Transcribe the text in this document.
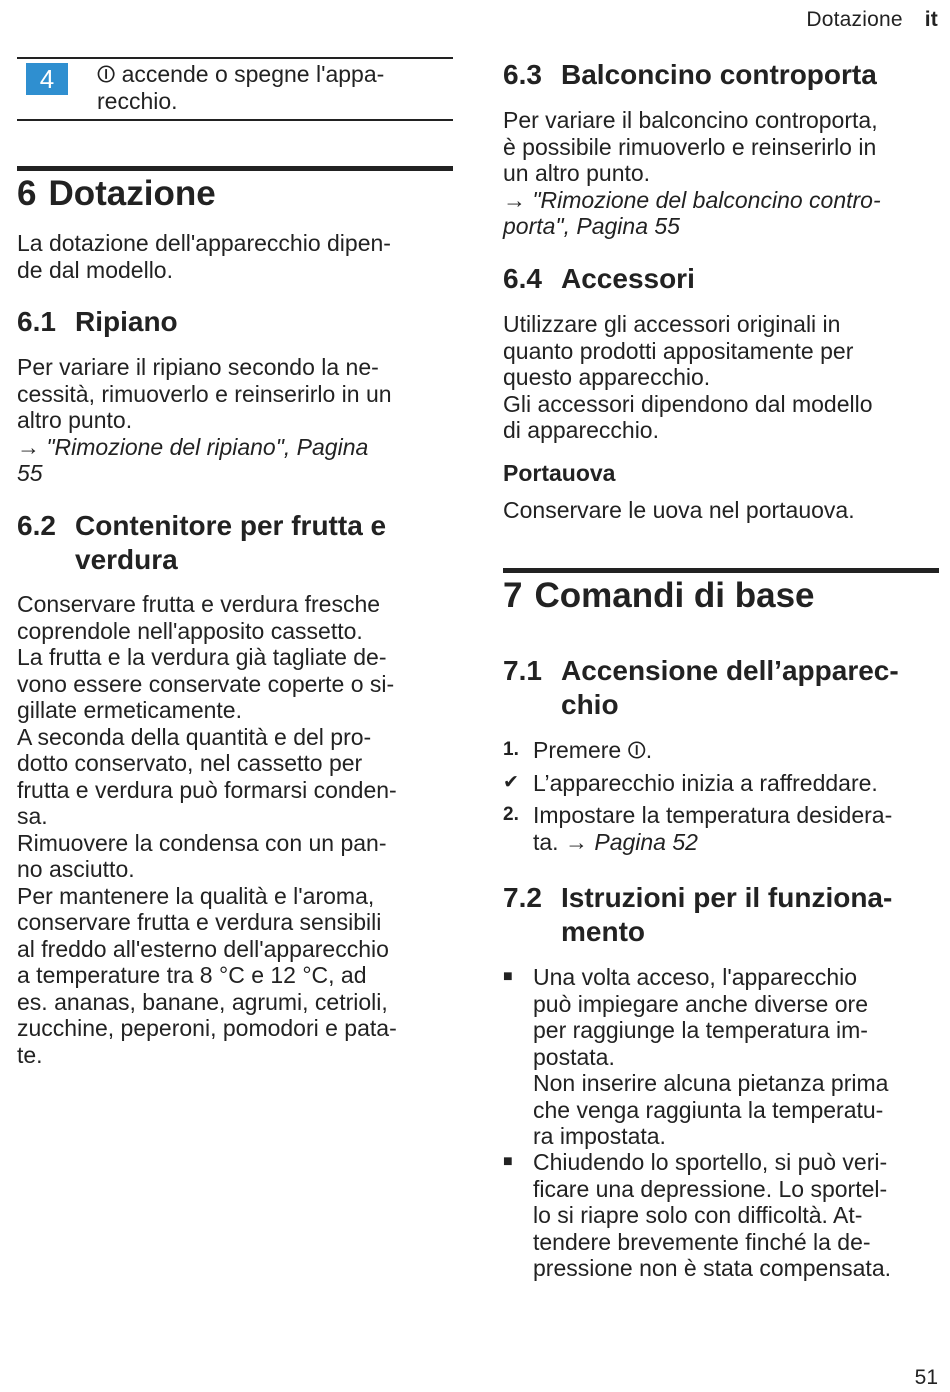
Dotazione it
4	⏼ accende o spegne l'appa-
recchio.
6 Dotazione

La dotazione dell'apparecchio dipen-

de dal modello.

6.1 Ripiano

Per variare il ripiano secondo la ne-

cessità, rimuoverlo e reinserirlo in un

altro punto.

→ "Rimozione del ripiano", Pagina

55

6.2 Contenitore per frutta e
verdura

Conservare frutta e verdura fresche

coprendole nell'apposito cassetto.

La frutta e la verdura già tagliate de-

vono essere conservate coperte o si-

gillate ermeticamente.

A seconda della quantità e del pro-

dotto conservato, nel cassetto per

frutta e verdura può formarsi conden-

sa.

Rimuovere la condensa con un pan-

no asciutto.

Per mantenere la qualità e l'aroma,

conservare frutta e verdura sensibili

al freddo all'esterno dell'apparecchio

a temperature tra 8 °C e 12 °C, ad

es. ananas, banane, agrumi, cetrioli,

zucchine, peperoni, pomodori e pata-

te.

6.3 Balconcino controporta

Per variare il balconcino controporta,

è possibile rimuoverlo e reinserirlo in

un altro punto.

→ "Rimozione del balconcino contro-

porta", Pagina 55

6.4 Accessori

Utilizzare gli accessori originali in

quanto prodotti appositamente per

questo apparecchio.

Gli accessori dipendono dal modello

di apparecchio.

Portauova

Conservare le uova nel portauova.

7 Comandi di base
7.1 Accensione dell’apparec-
chio
1. Premere ⏼.
✔ L’apparecchio inizia a raffreddare.
2. Impostare la temperatura desidera-
ta. → Pagina 52
7.2 Istruzioni per il funziona-
mento
■ Una volta acceso, l'apparecchio
può impiegare anche diverse ore
per raggiunge la temperatura im-
postata.
Non inserire alcuna pietanza prima
che venga raggiunta la temperatu-
ra impostata.
■ Chiudendo lo sportello, si può veri-
ficare una depressione. Lo sportel-
lo si riapre solo con difficoltà. At-
tendere brevemente finché la de-
pressione non è stata compensata.
51
